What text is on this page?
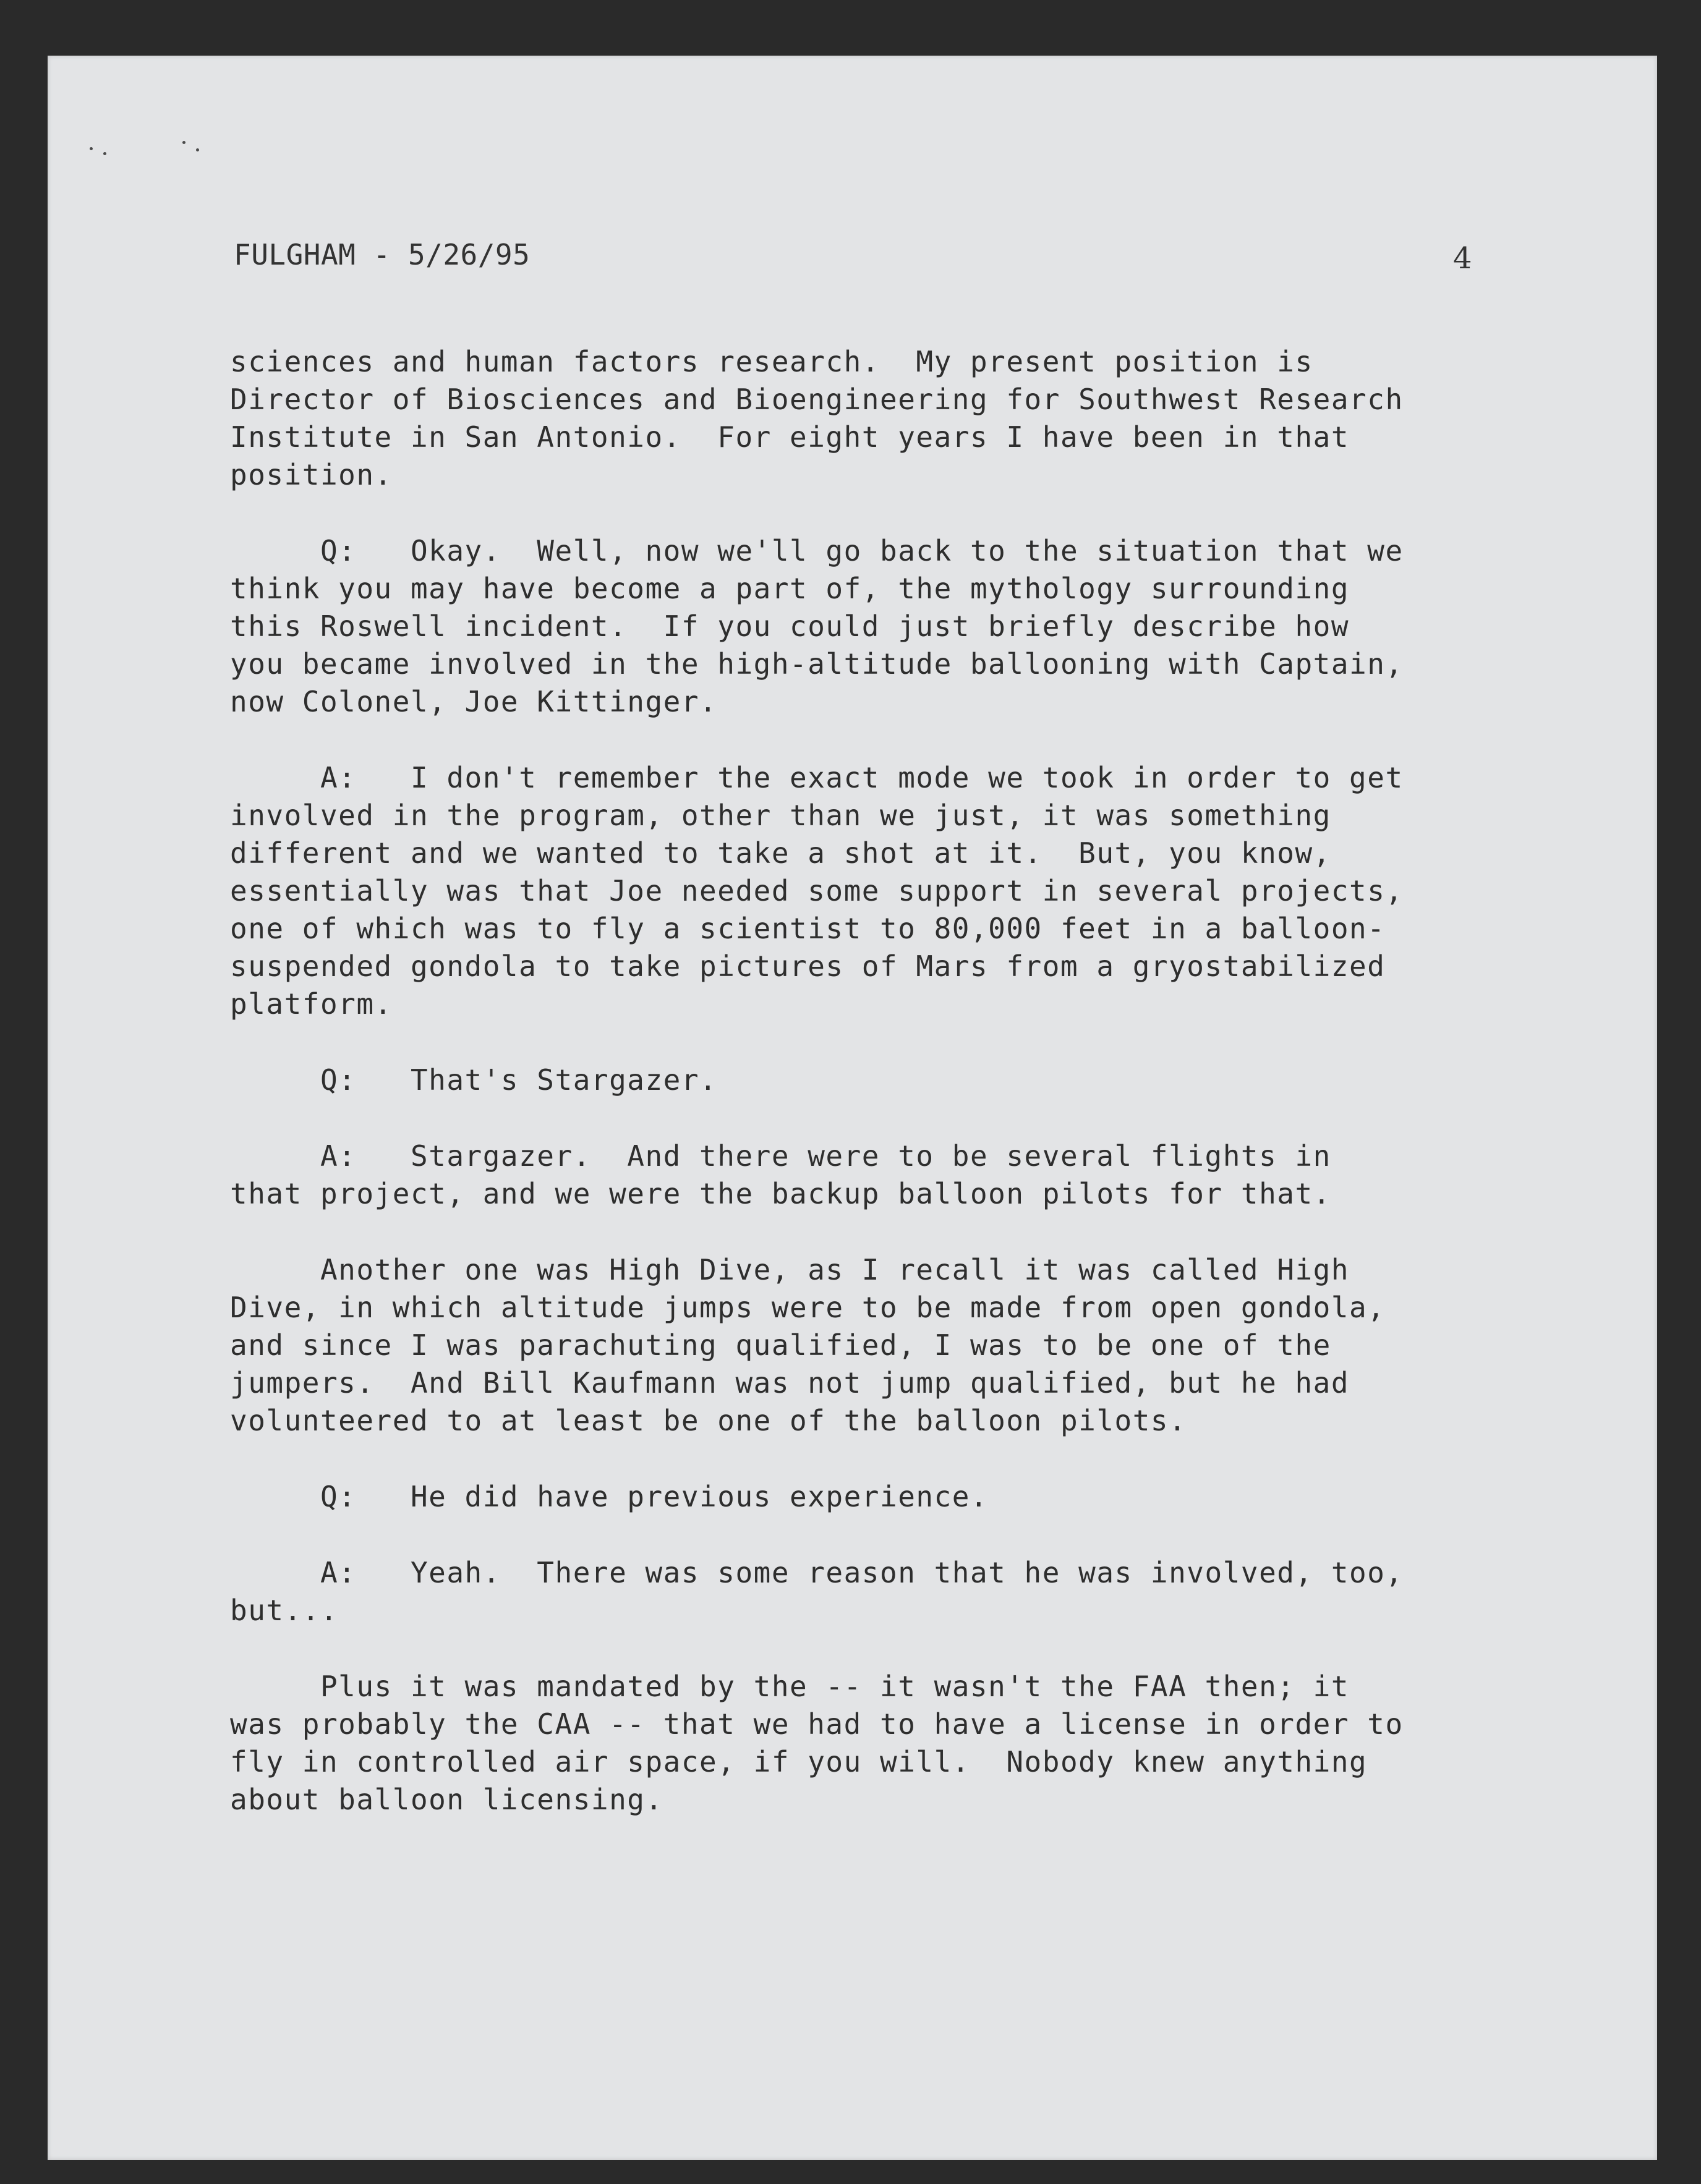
FULGHAM - 5/26/95	4

sciences and human factors research.  My present position is
Director of Biosciences and Bioengineering for Southwest Research
Institute in San Antonio.  For eight years I have been in that
position.

Q:   Okay.  Well, now we'll go back to the situation that we
think you may have become a part of, the mythology surrounding
this Roswell incident.  If you could just briefly describe how
you became involved in the high-altitude ballooning with Captain,
now Colonel, Joe Kittinger.

A:   I don't remember the exact mode we took in order to get
involved in the program, other than we just, it was something
different and we wanted to take a shot at it.  But, you know,
essentially was that Joe needed some support in several projects,
one of which was to fly a scientist to 80,000 feet in a balloon-
suspended gondola to take pictures of Mars from a gryostabilized
platform.

Q:   That's Stargazer.

A:   Stargazer.  And there were to be several flights in
that project, and we were the backup balloon pilots for that.

Another one was High Dive, as I recall it was called High
Dive, in which altitude jumps were to be made from open gondola,
and since I was parachuting qualified, I was to be one of the
jumpers.  And Bill Kaufmann was not jump qualified, but he had
volunteered to at least be one of the balloon pilots.

Q:   He did have previous experience.

A:   Yeah.  There was some reason that he was involved, too,
but...

Plus it was mandated by the -- it wasn't the FAA then; it
was probably the CAA -- that we had to have a license in order to
fly in controlled air space, if you will.  Nobody knew anything
about balloon licensing.
